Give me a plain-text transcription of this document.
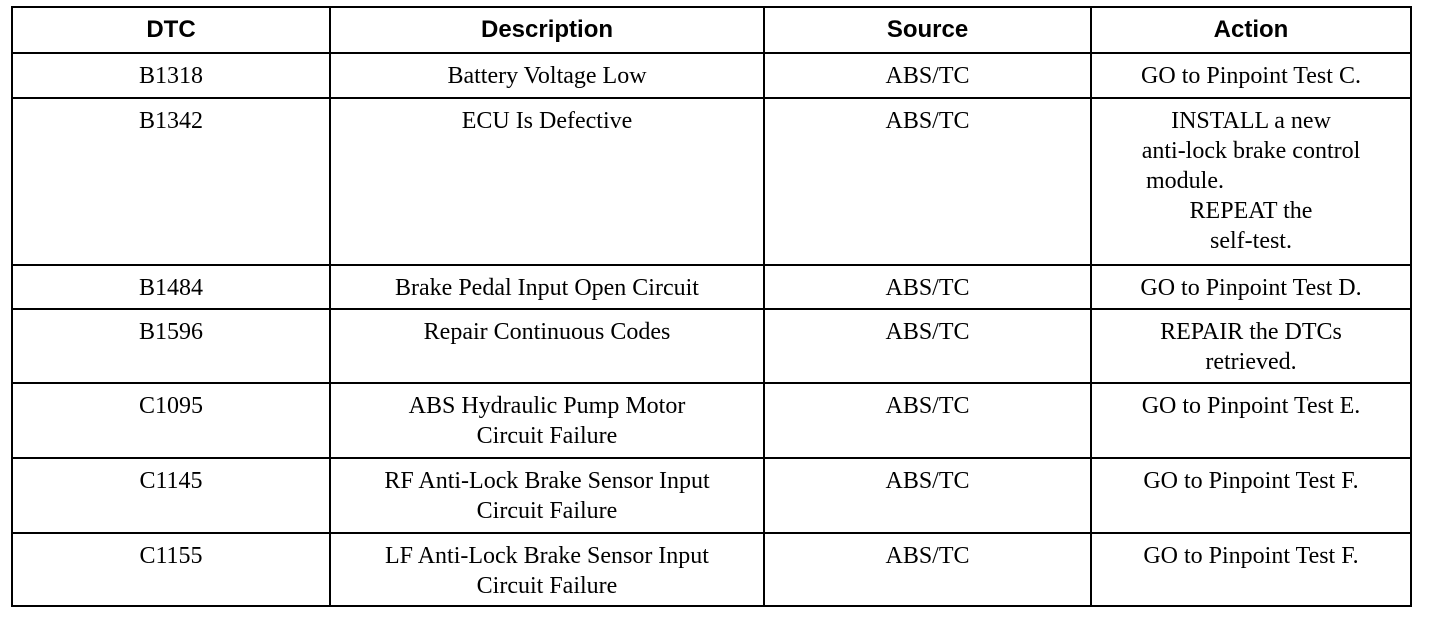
DTC	Description	Source	Action
B1318	Battery Voltage Low	ABS/TC	GO to Pinpoint Test C.

B1342	ECU Is Defective	ABS/TC	INSTALL a new
anti-lock brake control
module.
REPEAT the
self-test.

B1484	Brake Pedal Input Open Circuit	ABS/TC	GO to Pinpoint Test D.

B1596	Repair Continuous Codes	ABS/TC	REPAIR the DTCs
retrieved.

C1095	ABS Hydraulic Pump Motor
Circuit Failure	ABS/TC	GO to Pinpoint Test E.

C1145	RF Anti-Lock Brake Sensor Input
Circuit Failure	ABS/TC	GO to Pinpoint Test F.

C1155	LF Anti-Lock Brake Sensor Input
Circuit Failure	ABS/TC	GO to Pinpoint Test F.
